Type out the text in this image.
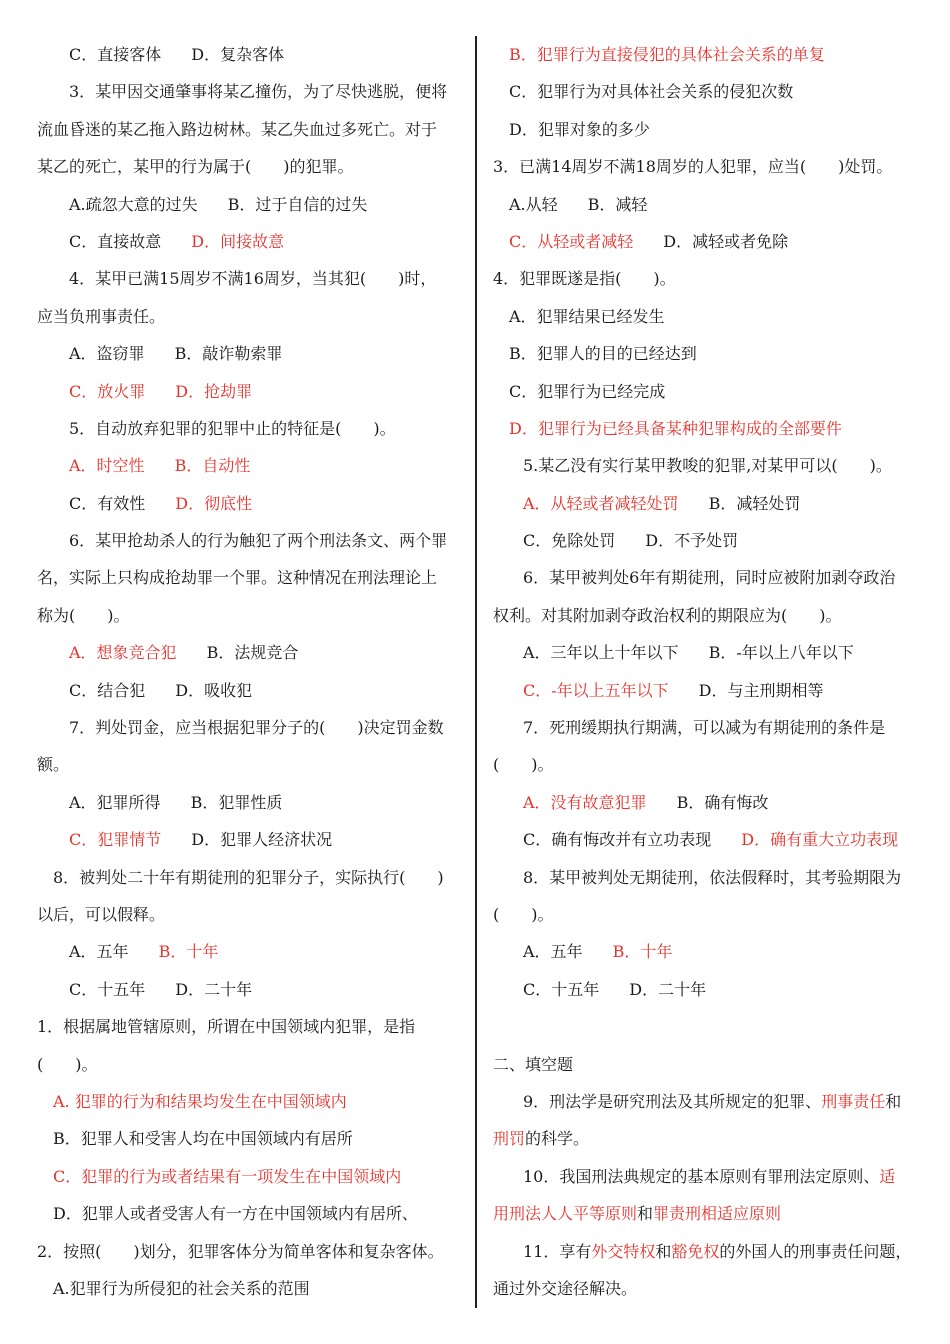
C．直接客体 D．复杂客体
3．某甲因交通肇事将某乙撞伤，为了尽快逃脱，便将
流血昏迷的某乙拖入路边树林。某乙失血过多死亡。对于
某乙的死亡，某甲的行为属于(　　)的犯罪。
A.疏忽大意的过失 B．过于自信的过失
C．直接故意 D．间接故意
4．某甲已满15周岁不满16周岁，当其犯(　　)时，
应当负刑事责任。
A．盗窃罪 B．敲诈勒索罪
C．放火罪 D．抢劫罪
5．自动放弃犯罪的犯罪中止的特征是(　　)。
A．时空性 B．自动性
C．有效性 D．彻底性
6．某甲抢劫杀人的行为触犯了两个刑法条文、两个罪
名，实际上只构成抢劫罪一个罪。这种情况在刑法理论上
称为(　　)。
A．想象竞合犯 B．法规竞合
C．结合犯 D．吸收犯
7．判处罚金，应当根据犯罪分子的(　　)决定罚金数
额。
A．犯罪所得 B．犯罪性质
C．犯罪情节 D．犯罪人经济状况
8．被判处二十年有期徒刑的犯罪分子，实际执行(　　)
以后，可以假释。
A．五年 B．十年
C．十五年 D．二十年
1．根据属地管辖原则，所谓在中国领域内犯罪，是指
(　　)。
A. 犯罪的行为和结果均发生在中国领域内
B．犯罪人和受害人均在中国领域内有居所
C．犯罪的行为或者结果有一项发生在中国领域内
D．犯罪人或者受害人有一方在中国领域内有居所、
2．按照(　　)划分，犯罪客体分为简单客体和复杂客体。
A.犯罪行为所侵犯的社会关系的范围
B．犯罪行为直接侵犯的具体社会关系的单复
C．犯罪行为对具体社会关系的侵犯次数
D．犯罪对象的多少
3．已满14周岁不满18周岁的人犯罪，应当(　　)处罚。
A.从轻 B．减轻
C．从轻或者减轻 D．减轻或者免除
4．犯罪既遂是指(　　)。
A．犯罪结果已经发生
B．犯罪人的目的已经达到
C．犯罪行为已经完成
D．犯罪行为已经具备某种犯罪构成的全部要件
5.某乙没有实行某甲教唆的犯罪,对某甲可以(　　)。
A．从轻或者减轻处罚 B．减轻处罚
C．免除处罚 D．不予处罚
6．某甲被判处6年有期徒刑，同时应被附加剥夺政治
权利。对其附加剥夺政治权利的期限应为(　　)。
A．三年以上十年以下 B．-年以上八年以下
C．-年以上五年以下 D．与主刑期相等
7．死刑缓期执行期满，可以减为有期徒刑的条件是
(　　)。
A．没有故意犯罪 B．确有悔改
C．确有悔改并有立功表现 D．确有重大立功表现
8．某甲被判处无期徒刑，依法假释时，其考验期限为
(　　)。
A．五年 B．十年
C．十五年 D．二十年
二、填空题
9．刑法学是研究刑法及其所规定的犯罪、刑事责任和
刑罚的科学。
10．我国刑法典规定的基本原则有罪刑法定原则、适
用刑法人人平等原则和罪责刑相适应原则
11．享有外交特权和豁免权的外国人的刑事责任问题，
通过外交途径解决。
